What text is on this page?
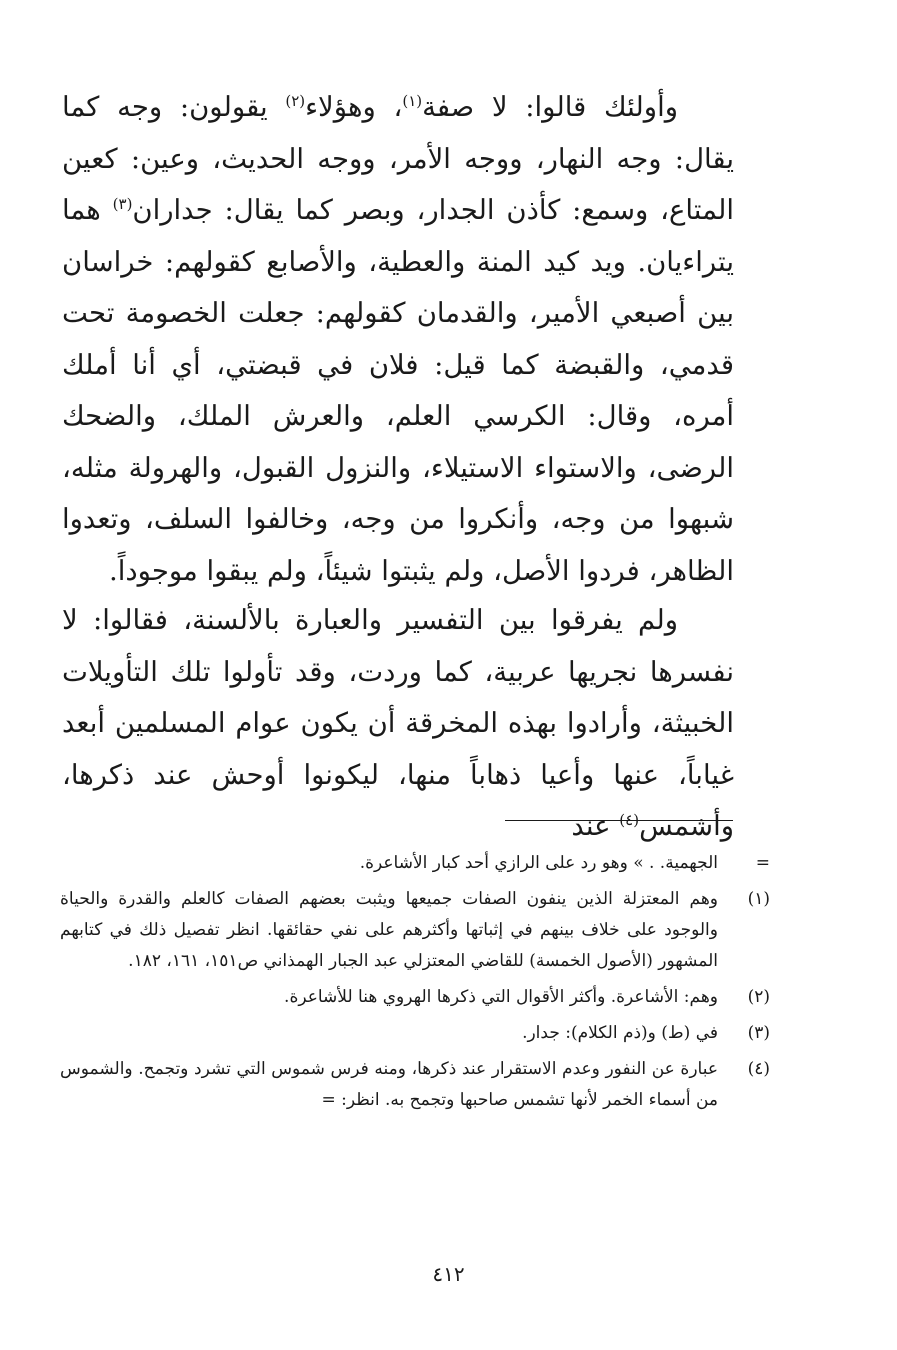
وأولئك قالوا: لا صفة$^{(١)}$، وهؤلاء$^{(٢)}$ يقولون: وجه كما يقال: وجه النهار، ووجه الأمر، ووجه الحديث، وعين: كعين المتاع، وسمع: كأذن الجدار، وبصر كما يقال: جداران$^{(٣)}$ هما يتراءيان. ويد كيد المنة والعطية، والأصابع كقولهم: خراسان بين أصبعي الأمير، والقدمان كقولهم: جعلت الخصومة تحت قدمي، والقبضة كما قيل: فلان في قبضتي، أي أنا أملك أمره، وقال: الكرسي العلم، والعرش الملك، والضحك الرضى، والاستواء الاستيلاء، والنزول القبول، والهرولة مثله، شبهوا من وجه، وأنكروا من وجه، وخالفوا السلف، وتعدوا الظاهر، فردوا الأصل، ولم يثبتوا شيئاً، ولم يبقوا موجوداً.

ولم يفرقوا بين التفسير والعبارة بالألسنة، فقالوا: لا نفسرها نجريها عربية، كما وردت، وقد تأولوا تلك التأويلات الخبيثة، وأرادوا بهذه المخرقة أن يكون عوام المسلمين أبعد غياباً، عنها وأعيا ذهاباً منها، ليكونوا أوحش عند ذكرها، وأشمس$^{(٤)}$ عند

=
الجهمية. . » وهو رد على الرازي أحد كبار الأشاعرة.
(١)
وهم المعتزلة الذين ينفون الصفات جميعها ويثبت بعضهم الصفات كالعلم والقدرة والحياة والوجود على خلاف بينهم في إثباتها وأكثرهم على نفي حقائقها. انظر تفصيل ذلك في كتابهم المشهور (الأصول الخمسة) للقاضي المعتزلي عبد الجبار الهمذاني ص١٥١، ١٦١، ١٨٢.
(٢)
وهم: الأشاعرة. وأكثر الأقوال التي ذكرها الهروي هنا للأشاعرة.
(٣)
في (ط) و(ذم الكلام): جدار.
(٤)
عبارة عن النفور وعدم الاستقرار عند ذكرها، ومنه فرس شموس التي تشرد وتجمح. والشموس من أسماء الخمر لأنها تشمس صاحبها وتجمح به. انظر: =
٤١٢
